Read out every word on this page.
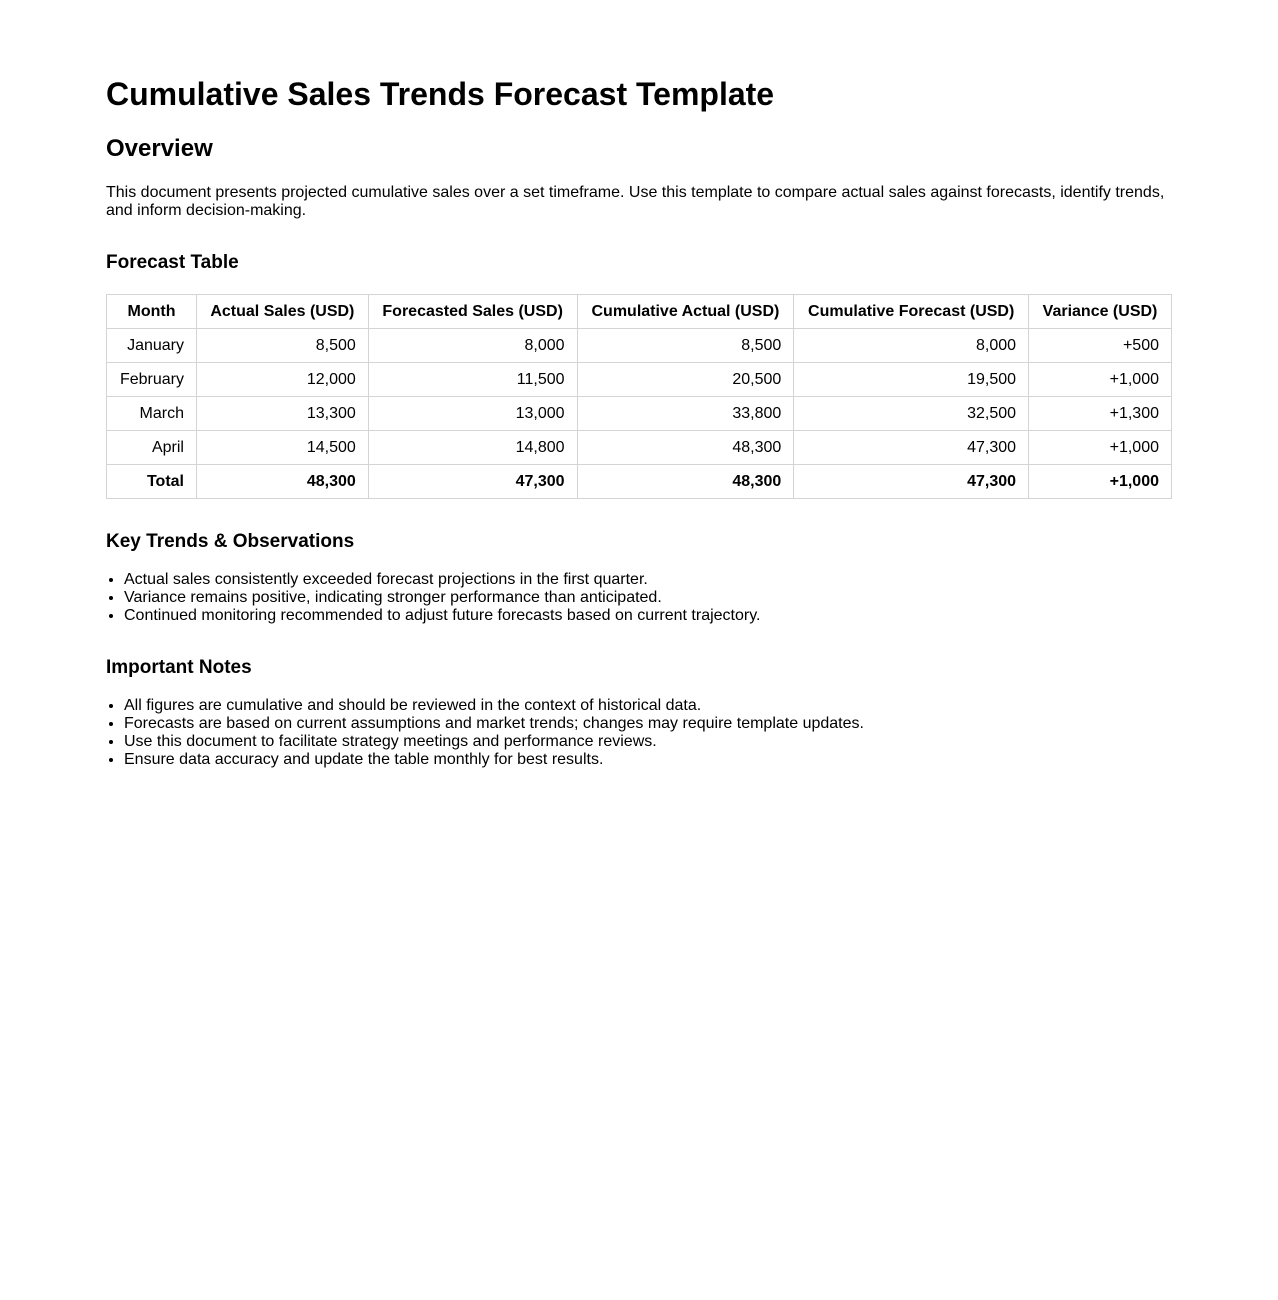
Cumulative Sales Trends Forecast Template
Overview

This document presents projected cumulative sales over a set timeframe. Use this template to compare actual sales against forecasts, identify trends, and inform decision-making.

Forecast Table
Month	Actual Sales (USD)	Forecasted Sales (USD)	Cumulative Actual (USD)	Cumulative Forecast (USD)	Variance (USD)
January	8,500	8,000	8,500	8,000	+500
February	12,000	11,500	20,500	19,500	+1,000
March	13,300	13,000	33,800	32,500	+1,300
April	14,500	14,800	48,300	47,300	+1,000
Total	48,300	47,300	48,300	47,300	+1,000
Key Trends & Observations
• Actual sales consistently exceeded forecast projections in the first quarter.
• Variance remains positive, indicating stronger performance than anticipated.
• Continued monitoring recommended to adjust future forecasts based on current trajectory.
Important Notes
• All figures are cumulative and should be reviewed in the context of historical data.
• Forecasts are based on current assumptions and market trends; changes may require template updates.
• Use this document to facilitate strategy meetings and performance reviews.
• Ensure data accuracy and update the table monthly for best results.
